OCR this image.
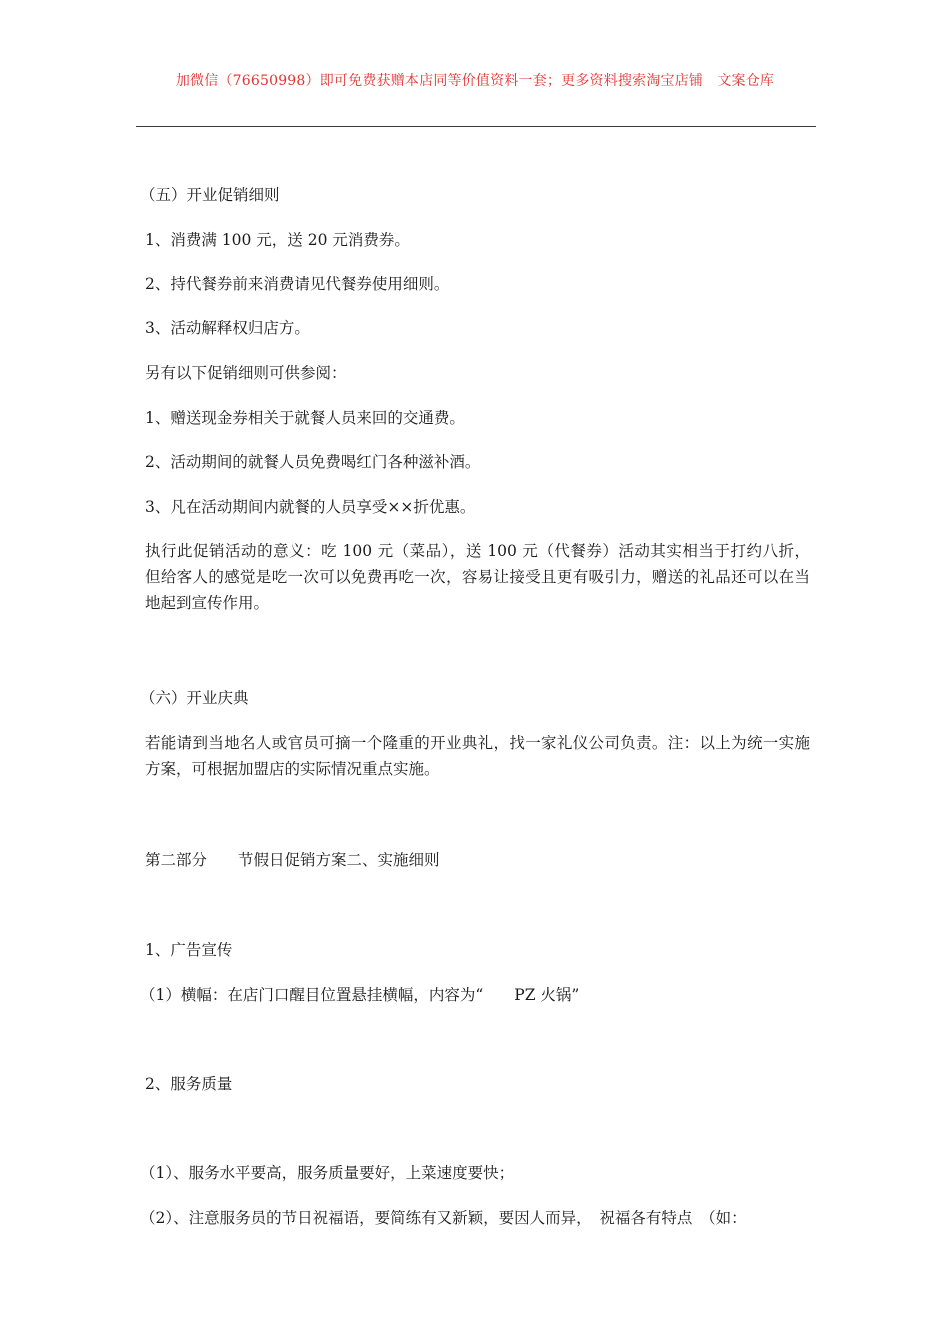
加微信（76650998）即可免费获赠本店同等价值资料一套；更多资料搜索淘宝店铺　文案仓库
（五）开业促销细则
1、消费满 100 元，送 20 元消费券。
2、持代餐券前来消费请见代餐券使用细则。
3、活动解释权归店方。
另有以下促销细则可供参阅：
1、赠送现金券相关于就餐人员来回的交通费。
2、活动期间的就餐人员免费喝红门各种滋补酒。
3、凡在活动期间内就餐的人员享受××折优惠。
执行此促销活动的意义：吃 100 元（菜品），送 100 元（代餐券）活动其实相当于打约八折， 但给客人的感觉是吃一次可以免费再吃一次，容易让接受且更有吸引力，赠送的礼品还可以在当地起到宣传作用。
（六）开业庆典
若能请到当地名人或官员可摘一个隆重的开业典礼，找一家礼仪公司负责。注：以上为统一实施方案，可根据加盟店的实际情况重点实施。
第二部分　　节假日促销方案二、实施细则
1、广告宣传
（1）横幅：在店门口醒目位置悬挂横幅，内容为“　　PZ 火锅”
2、服务质量
（1）、服务水平要高，服务质量要好，上菜速度要快；
（2）、注意服务员的节日祝福语，要简练有又新颖，要因人而异，　祝福各有特点　（如：
